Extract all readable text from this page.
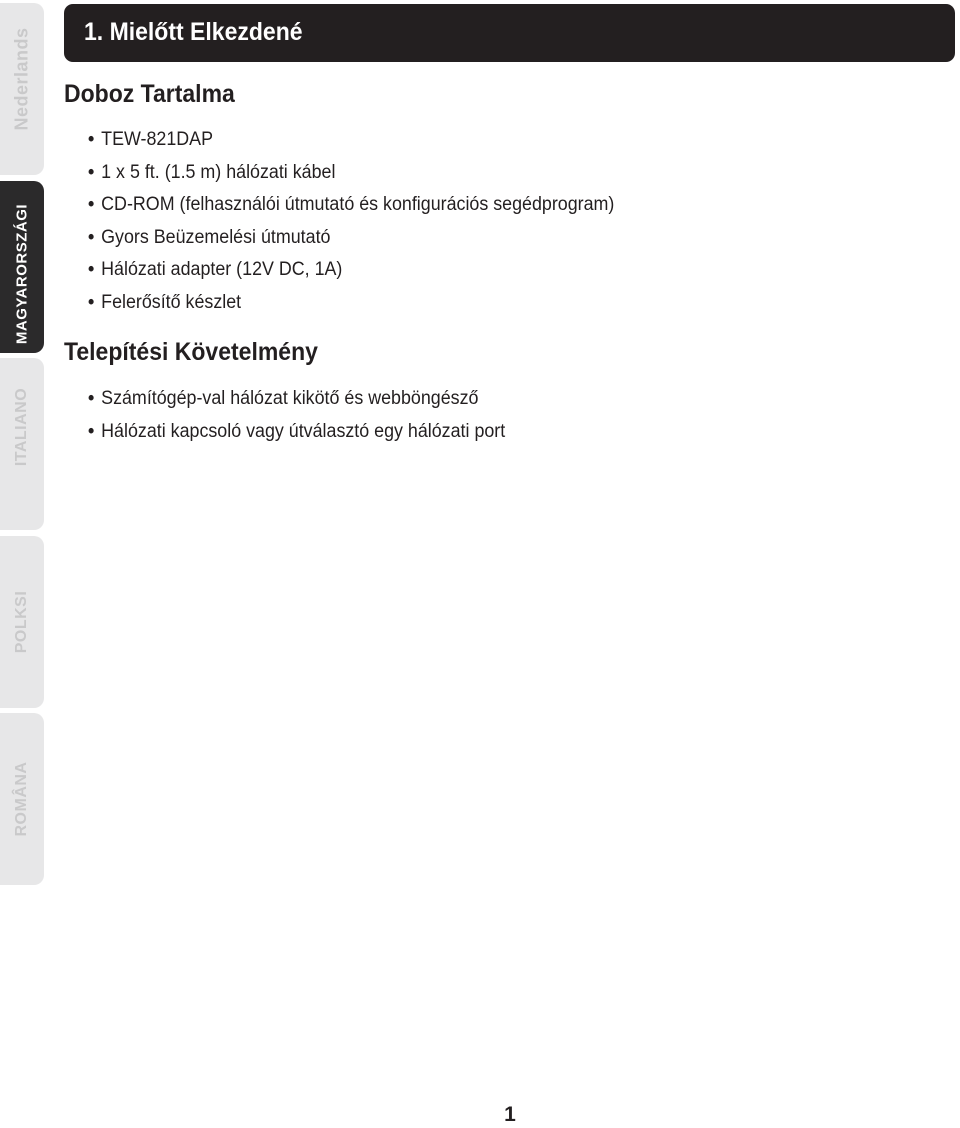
Nederlands
MAGYARORSZÁGI
ITALIANO
POLKSI
ROMÂNA
1. Mielőtt Elkezdené
Doboz Tartalma
• TEW-821DAP
• 1 x 5 ft. (1.5 m) hálózati kábel
• CD-ROM (felhasználói útmutató és konfigurációs segédprogram)
• Gyors Beüzemelési útmutató
• Hálózati adapter (12V DC, 1A)
• Felerősítő készlet
Telepítési Követelmény
• Számítógép-val hálózat kikötő és webböngésző
• Hálózati kapcsoló vagy útválasztó egy hálózati port
1
